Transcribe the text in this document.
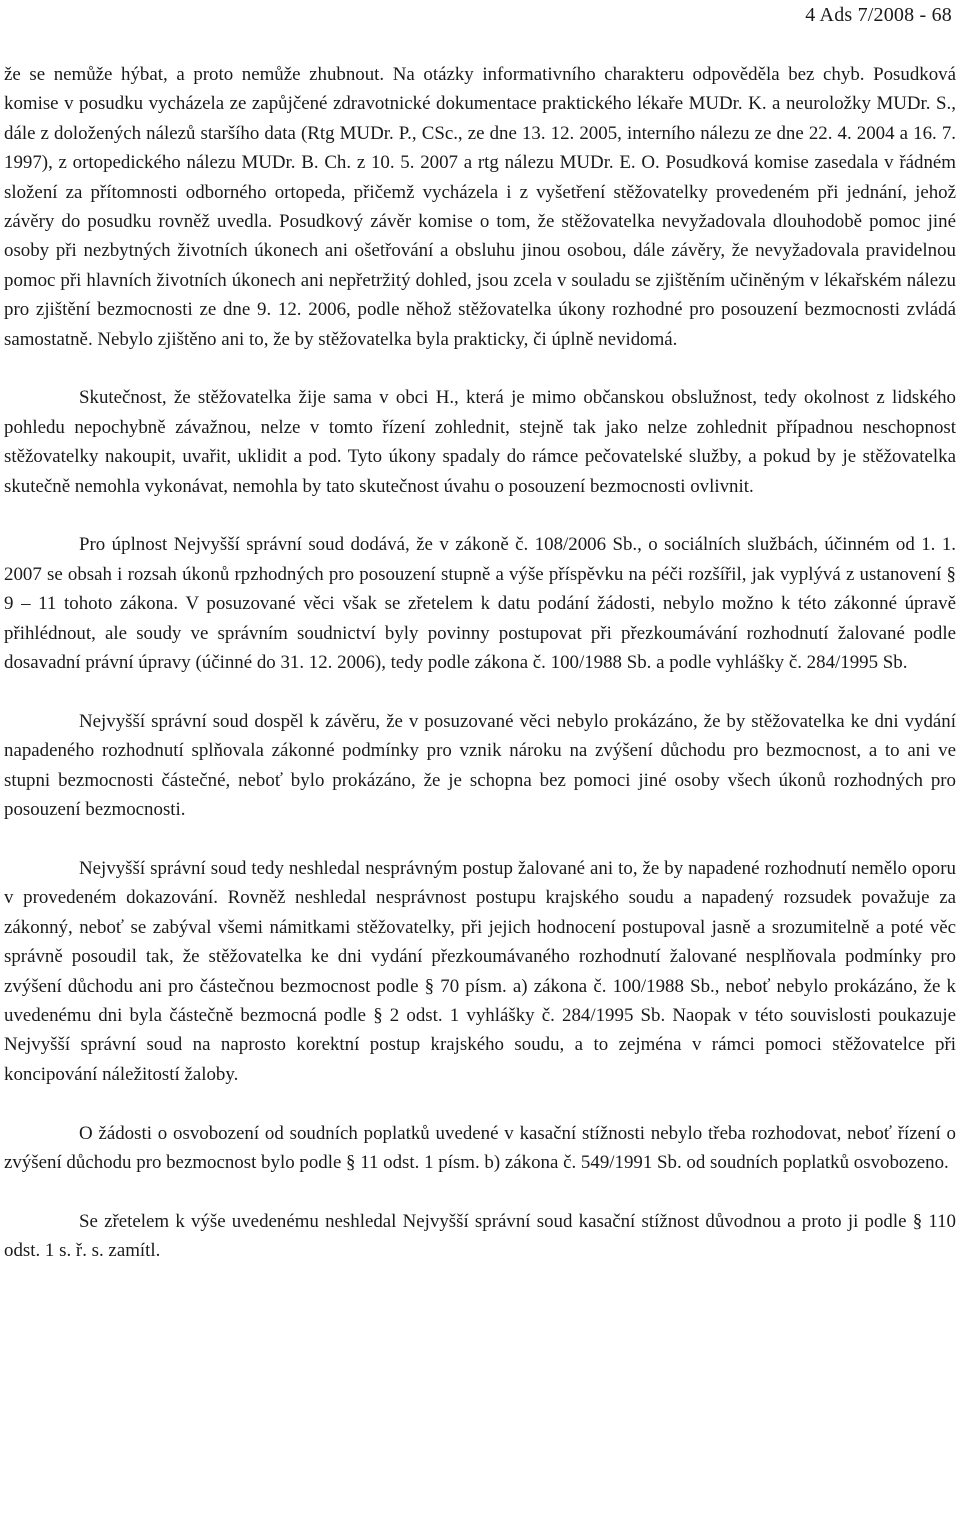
4 Ads 7/2008 - 68

že se nemůže hýbat, a proto nemůže zhubnout. Na otázky informativního charakteru odpověděla bez chyb. Posudková komise v posudku vycházela ze zapůjčené zdravotnické dokumentace praktického lékaře MUDr. K. a neuroložky MUDr. S., dále z doložených nálezů staršího data (Rtg MUDr. P., CSc., ze dne 13. 12. 2005, interního nálezu ze dne 22. 4. 2004 a 16. 7. 1997), z ortopedického nálezu MUDr. B. Ch. z 10. 5. 2007 a rtg nálezu MUDr. E. O. Posudková komise zasedala v řádném složení za přítomnosti odborného ortopeda, přičemž vycházela i z vyšetření stěžovatelky provedeném při jednání, jehož závěry do posudku rovněž uvedla. Posudkový závěr komise o tom, že stěžovatelka nevyžadovala dlouhodobě pomoc jiné osoby při nezbytných životních úkonech ani ošetřování a obsluhu jinou osobou, dále závěry, že nevyžadovala pravidelnou pomoc při hlavních životních úkonech ani nepřetržitý dohled, jsou zcela v souladu se zjištěním učiněným v lékařském nálezu pro zjištění bezmocnosti ze dne 9. 12. 2006, podle něhož stěžovatelka úkony rozhodné pro posouzení bezmocnosti zvládá samostatně. Nebylo zjištěno ani to, že by stěžovatelka byla prakticky, či úplně nevidomá.

Skutečnost, že stěžovatelka žije sama v obci H., která je mimo občanskou obslužnost, tedy okolnost z lidského pohledu nepochybně závažnou, nelze v tomto řízení zohlednit, stejně tak jako nelze zohlednit případnou neschopnost stěžovatelky nakoupit, uvařit, uklidit a pod. Tyto úkony spadaly do rámce pečovatelské služby, a pokud by je stěžovatelka skutečně nemohla vykonávat, nemohla by tato skutečnost úvahu o posouzení bezmocnosti ovlivnit.

Pro úplnost Nejvyšší správní soud dodává, že v zákoně č. 108/2006 Sb., o sociálních službách, účinném od 1. 1. 2007 se obsah i rozsah úkonů rpzhodných pro posouzení stupně a výše příspěvku na péči rozšířil, jak vyplývá z ustanovení § 9 – 11 tohoto zákona. V posuzované věci však se zřetelem k datu podání žádosti, nebylo možno k této zákonné úpravě přihlédnout, ale soudy ve správním soudnictví byly povinny postupovat při přezkoumávání rozhodnutí žalované podle dosavadní právní úpravy (účinné do 31. 12. 2006), tedy podle zákona č. 100/1988 Sb. a podle vyhlášky č. 284/1995 Sb.

Nejvyšší správní soud dospěl k závěru, že v posuzované věci nebylo prokázáno, že by stěžovatelka ke dni vydání napadeného rozhodnutí splňovala zákonné podmínky pro vznik nároku na zvýšení důchodu pro bezmocnost, a to ani ve stupni bezmocnosti částečné, neboť bylo prokázáno, že je schopna bez pomoci jiné osoby všech úkonů rozhodných pro posouzení bezmocnosti.

Nejvyšší správní soud tedy neshledal nesprávným postup žalované ani to, že by napadené rozhodnutí nemělo oporu v provedeném dokazování. Rovněž neshledal nesprávnost postupu krajského soudu a napadený rozsudek považuje za zákonný, neboť se zabýval všemi námitkami stěžovatelky, při jejich hodnocení postupoval jasně a srozumitelně a poté věc správně posoudil tak, že stěžovatelka ke dni vydání přezkoumávaného rozhodnutí žalované nesplňovala podmínky pro zvýšení důchodu ani pro částečnou bezmocnost podle § 70 písm. a) zákona č. 100/1988 Sb., neboť nebylo prokázáno, že k uvedenému dni byla částečně bezmocná podle § 2 odst. 1 vyhlášky č. 284/1995 Sb. Naopak v této souvislosti poukazuje Nejvyšší správní soud na naprosto korektní postup krajského soudu, a to zejména v rámci pomoci stěžovatelce při koncipování náležitostí žaloby.

O žádosti o osvobození od soudních poplatků uvedené v kasační stížnosti nebylo třeba rozhodovat, neboť řízení o zvýšení důchodu pro bezmocnost bylo podle § 11 odst. 1 písm. b) zákona č. 549/1991 Sb. od soudních poplatků osvobozeno.

Se zřetelem k výše uvedenému neshledal Nejvyšší správní soud kasační stížnost důvodnou a proto ji podle § 110 odst. 1 s. ř. s. zamítl.
